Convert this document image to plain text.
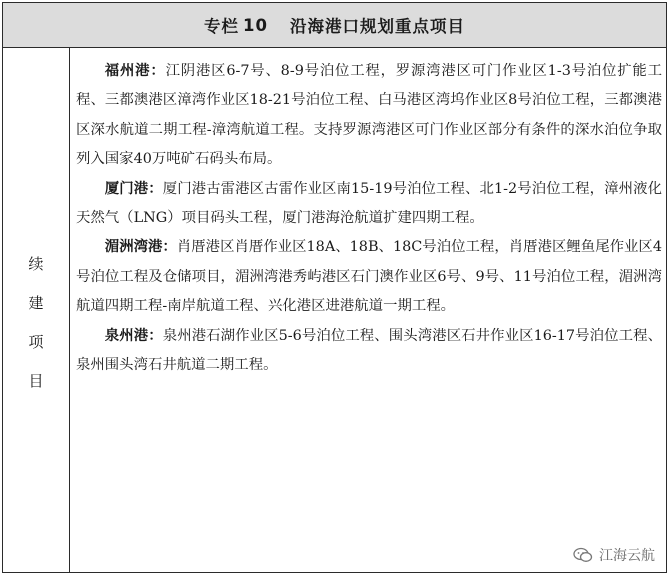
专栏 10 沿海港口规划重点项目
续
建
项
目

福州港：江阴港区6-7号、8-9号泊位工程，罗源湾港区可门作业区1-3号泊位扩能工程、三都澳港区漳湾作业区18-21号泊位工程、白马港区湾坞作业区8号泊位工程，三都澳港区深水航道二期工程-漳湾航道工程。支持罗源湾港区可门作业区部分有条件的深水泊位争取列入国家40万吨矿石码头布局。

厦门港：厦门港古雷港区古雷作业区南15-19号泊位工程、北1-2号泊位工程，漳州液化天然气（LNG）项目码头工程，厦门港海沧航道扩建四期工程。

湄洲湾港：肖厝港区肖厝作业区18A、18B、18C号泊位工程，肖厝港区鲤鱼尾作业区4号泊位工程及仓储项目，湄洲湾港秀屿港区石门澳作业区6号、9号、11号泊位工程，湄洲湾航道四期工程-南岸航道工程、兴化港区进港航道一期工程。

泉州港：泉州港石湖作业区5-6号泊位工程、围头湾港区石井作业区16-17号泊位工程、泉州围头湾石井航道二期工程。

江海云航
